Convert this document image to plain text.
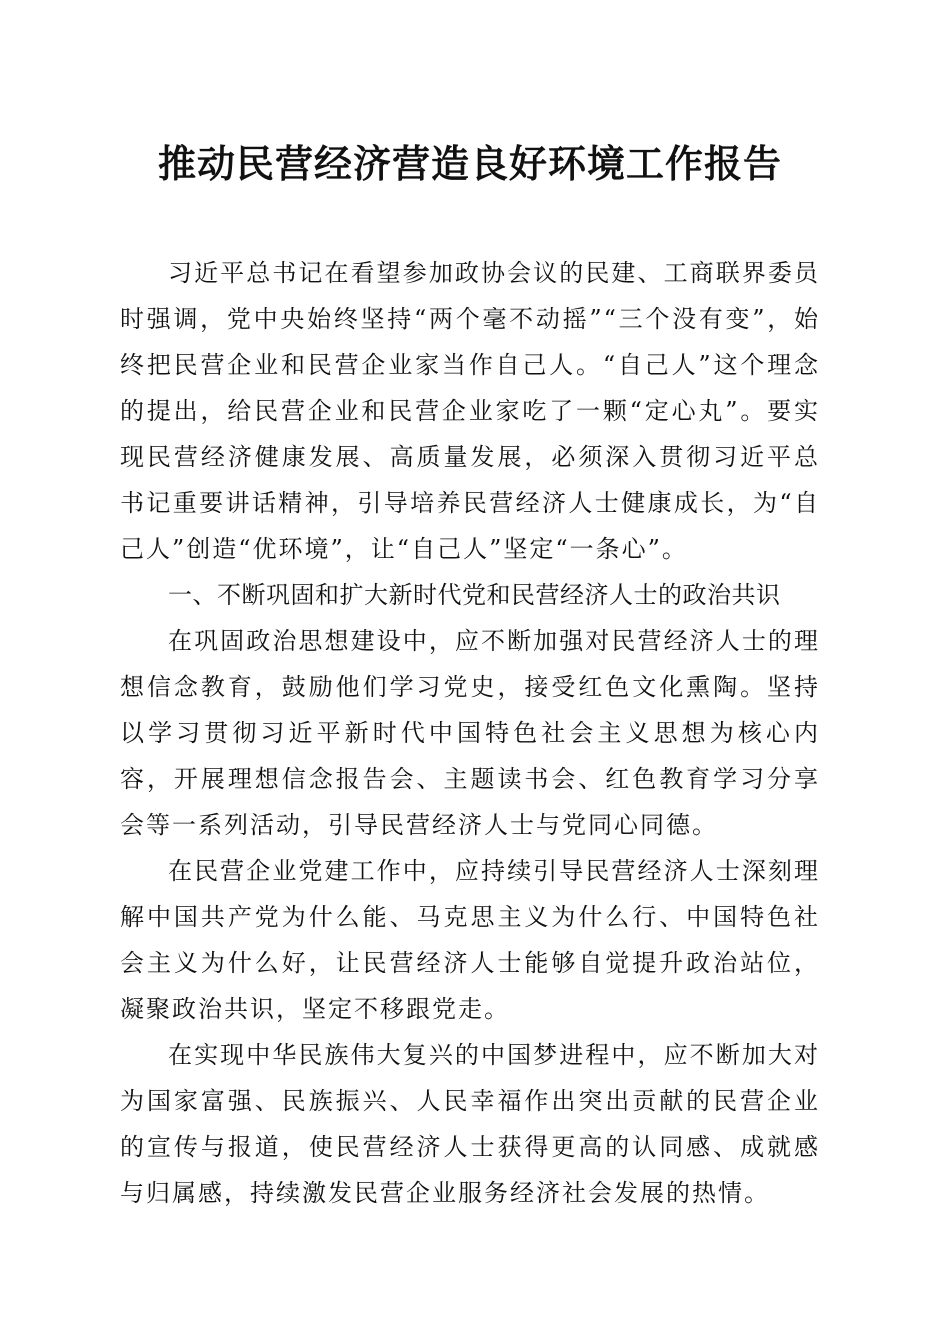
推动民营经济营造良好环境工作报告

习近平总书记在看望参加政协会议的民建、工商联界委员时强调，党中央始终坚持“两个毫不动摇”“三个没有变”，始终把民营企业和民营企业家当作自己人。“自己人”这个理念的提出，给民营企业和民营企业家吃了一颗“定心丸”。要实现民营经济健康发展、高质量发展，必须深入贯彻习近平总书记重要讲话精神，引导培养民营经济人士健康成长，为“自己人”创造“优环境”，让“自己人”坚定“一条心”。

一、不断巩固和扩大新时代党和民营经济人士的政治共识

在巩固政治思想建设中，应不断加强对民营经济人士的理想信念教育，鼓励他们学习党史，接受红色文化熏陶。坚持以学习贯彻习近平新时代中国特色社会主义思想为核心内容，开展理想信念报告会、主题读书会、红色教育学习分享会等一系列活动，引导民营经济人士与党同心同德。

在民营企业党建工作中，应持续引导民营经济人士深刻理解中国共产党为什么能、马克思主义为什么行、中国特色社会主义为什么好，让民营经济人士能够自觉提升政治站位，凝聚政治共识，坚定不移跟党走。

在实现中华民族伟大复兴的中国梦进程中，应不断加大对为国家富强、民族振兴、人民幸福作出突出贡献的民营企业的宣传与报道，使民营经济人士获得更高的认同感、成就感与归属感，持续激发民营企业服务经济社会发展的热情。
